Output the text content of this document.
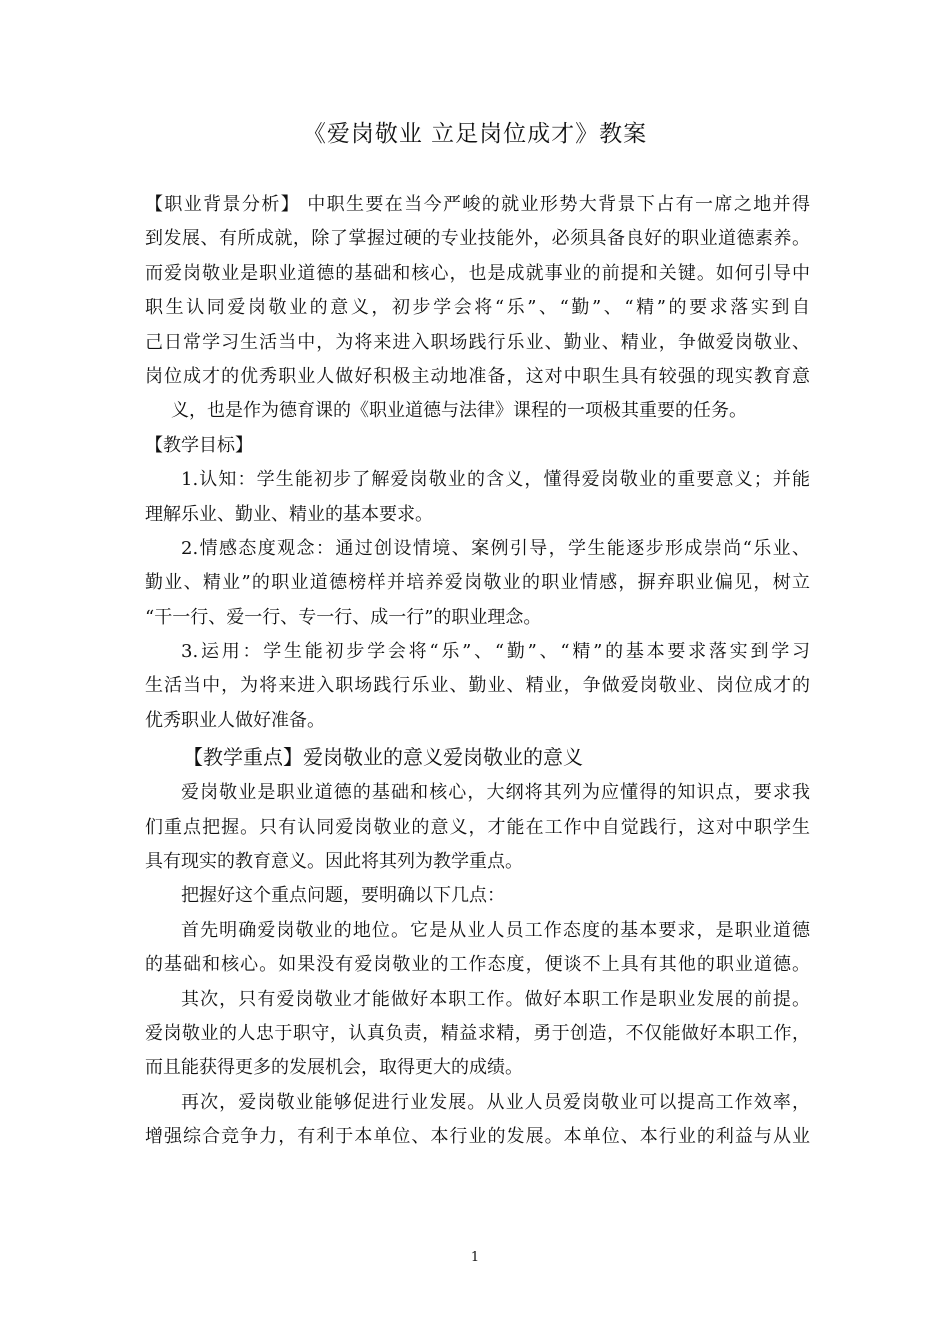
《爱岗敬业 立足岗位成才》教案
【职业背景分析】 中职生要在当今严峻的就业形势大背景下占有一席之地并得
到发展、有所成就，除了掌握过硬的专业技能外，必须具备良好的职业道德素养。
而爱岗敬业是职业道德的基础和核心，也是成就事业的前提和关键。如何引导中
职生认同爱岗敬业的意义，初步学会将“乐”、“勤”、“精”的要求落实到自
己日常学习生活当中，为将来进入职场践行乐业、勤业、精业，争做爱岗敬业、
岗位成才的优秀职业人做好积极主动地准备，这对中职生具有较强的现实教育意
义，也是作为德育课的《职业道德与法律》课程的一项极其重要的任务。
【教学目标】
1.认知：学生能初步了解爱岗敬业的含义，懂得爱岗敬业的重要意义；并能
理解乐业、勤业、精业的基本要求。
2.情感态度观念：通过创设情境、案例引导，学生能逐步形成崇尚“乐业、
勤业、精业”的职业道德榜样并培养爱岗敬业的职业情感，摒弃职业偏见，树立
“干一行、爱一行、专一行、成一行”的职业理念。
3.运用：学生能初步学会将“乐”、“勤”、“精”的基本要求落实到学习
生活当中，为将来进入职场践行乐业、勤业、精业，争做爱岗敬业、岗位成才的
优秀职业人做好准备。
【教学重点】爱岗敬业的意义爱岗敬业的意义
爱岗敬业是职业道德的基础和核心，大纲将其列为应懂得的知识点，要求我
们重点把握。只有认同爱岗敬业的意义，才能在工作中自觉践行，这对中职学生
具有现实的教育意义。因此将其列为教学重点。
把握好这个重点问题，要明确以下几点：
首先明确爱岗敬业的地位。它是从业人员工作态度的基本要求，是职业道德
的基础和核心。如果没有爱岗敬业的工作态度，便谈不上具有其他的职业道德。
其次，只有爱岗敬业才能做好本职工作。做好本职工作是职业发展的前提。
爱岗敬业的人忠于职守，认真负责，精益求精，勇于创造，不仅能做好本职工作，
而且能获得更多的发展机会，取得更大的成绩。
再次，爱岗敬业能够促进行业发展。从业人员爱岗敬业可以提高工作效率，
增强综合竞争力，有利于本单位、本行业的发展。本单位、本行业的利益与从业
1
